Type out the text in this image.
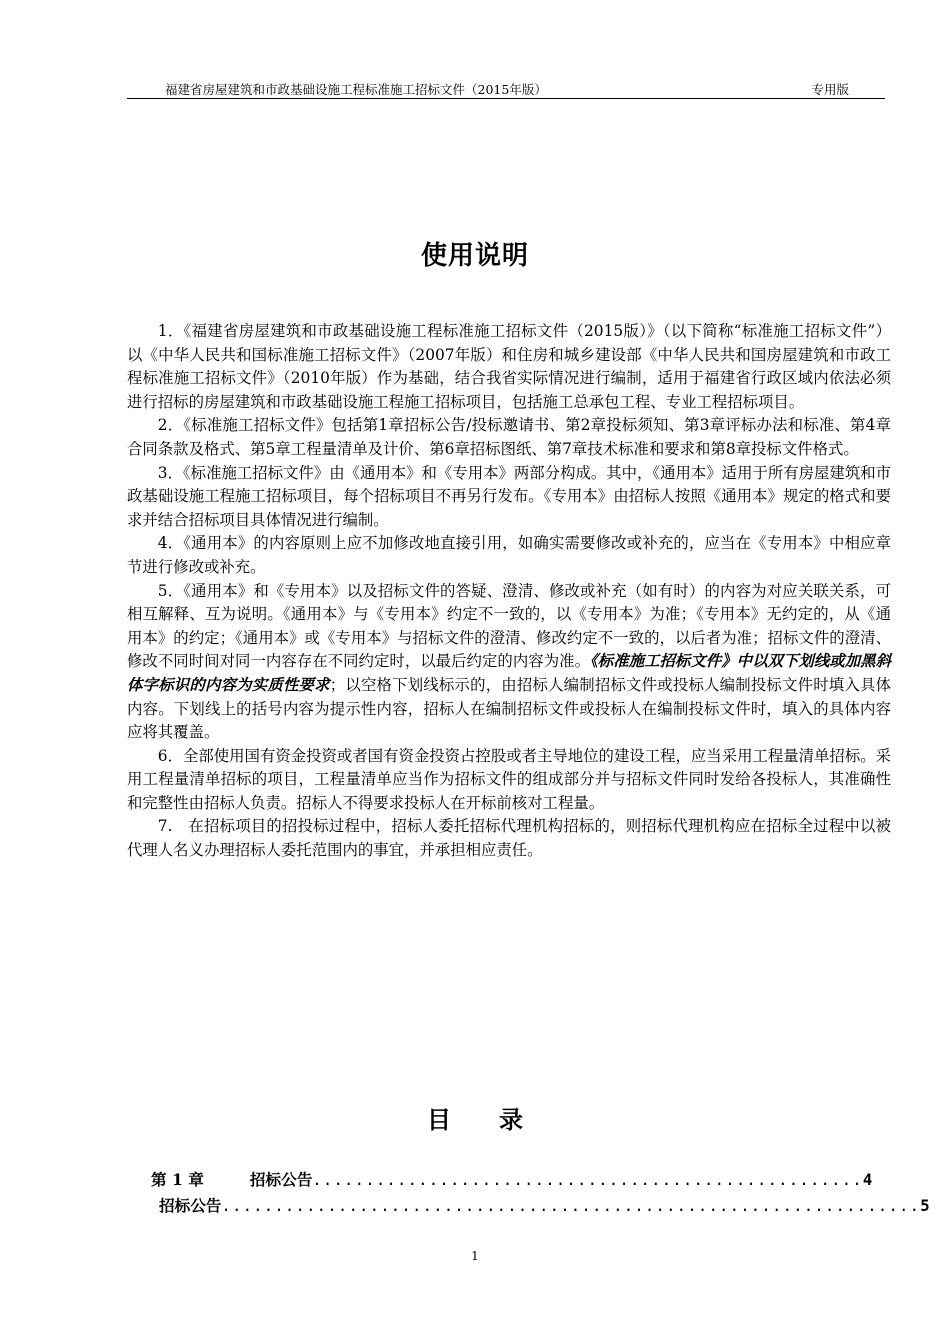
福建省房屋建筑和市政基础设施工程标准施工招标文件（2015年版）	专用版
使用说明

1．《福建省房屋建筑和市政基础设施工程标准施工招标文件（2015版）》（以下简称“标准施工招标文件”）以《中华人民共和国标准施工招标文件》（2007年版）和住房和城乡建设部《中华人民共和国房屋建筑和市政工程标准施工招标文件》（2010年版）作为基础，结合我省实际情况进行编制，适用于福建省行政区域内依法必须进行招标的房屋建筑和市政基础设施工程施工招标项目，包括施工总承包工程、专业工程招标项目。

2．《标准施工招标文件》包括第1章招标公告/投标邀请书、第2章投标须知、第3章评标办法和标准、第4章合同条款及格式、第5章工程量清单及计价、第6章招标图纸、第7章技术标准和要求和第8章投标文件格式。

3．《标准施工招标文件》由《通用本》和《专用本》两部分构成。其中，《通用本》适用于所有房屋建筑和市政基础设施工程施工招标项目，每个招标项目不再另行发布。《专用本》由招标人按照《通用本》规定的格式和要求并结合招标项目具体情况进行编制。

4．《通用本》的内容原则上应不加修改地直接引用，如确实需要修改或补充的，应当在《专用本》中相应章节进行修改或补充。

5．《通用本》和《专用本》以及招标文件的答疑、澄清、修改或补充（如有时）的内容为对应关联关系，可相互解释、互为说明。《通用本》与《专用本》约定不一致的，以《专用本》为准；《专用本》无约定的，从《通用本》的约定；《通用本》或《专用本》与招标文件的澄清、修改约定不一致的，以后者为准；招标文件的澄清、修改不同时间对同一内容存在不同约定时，以最后约定的内容为准。《标准施工招标文件》中以双下划线或加黑斜体字标识的内容为实质性要求；以空格下划线标示的，由招标人编制招标文件或投标人编制投标文件时填入具体内容。下划线上的括号内容为提示性内容，招标人在编制招标文件或投标人在编制投标文件时，填入的具体内容应将其覆盖。

6．全部使用国有资金投资或者国有资金投资占控股或者主导地位的建设工程，应当采用工程量清单招标。采用工程量清单招标的项目，工程量清单应当作为招标文件的组成部分并与招标文件同时发给各投标人，其准确性和完整性由招标人负责。招标人不得要求投标人在开标前核对工程量。

7.　在招标项目的招投标过程中，招标人委托招标代理机构招标的，则招标代理机构应在招标全过程中以被代理人名义办理招标人委托范围内的事宜，并承担相应责任。

目　　录
第 1 章	招标公告....................................................4
招标公告..................................................................5
1
